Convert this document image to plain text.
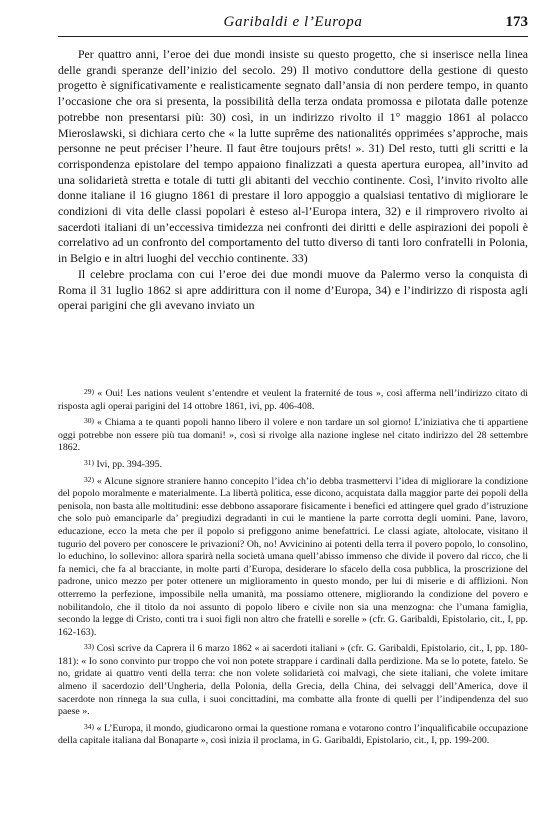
Garibaldi e l’Europa	173

Per quattro anni, l’eroe dei due mondi insiste su questo progetto, che si inserisce nella linea delle grandi speranze dell’inizio del secolo. 29) Il motivo conduttore della gestione di questo progetto è significativamente e realisticamente segnato dall’ansia di non perdere tempo, in quanto l’occasione che ora si presenta, la possibilità della terza ondata promossa e pilotata dalle potenze potrebbe non presentarsi più: 30) così, in un indirizzo rivolto il 1° maggio 1861 al polacco Mieroslawski, si dichiara certo che « la lutte suprême des nationalités opprimées s’approche, mais personne ne peut préciser l’heure. Il faut être toujours prêts! ». 31) Del resto, tutti gli scritti e la corrispondenza epistolare del tempo appaiono finalizzati a questa apertura europea, all’invito ad una solidarietà stretta e totale di tutti gli abitanti del vecchio continente. Così, l’invito rivolto alle donne italiane il 16 giugno 1861 di prestare il loro appoggio a qualsiasi tentativo di migliorare le condizioni di vita delle classi popolari è esteso al-l’Europa intera, 32) e il rimprovero rivolto ai sacerdoti italiani di un’eccessiva timidezza nei confronti dei diritti e delle aspirazioni dei popoli è correlativo ad un confronto del comportamento del tutto diverso di tanti loro confratelli in Polonia, in Belgio e in altri luoghi del vecchio continente. 33)

Il celebre proclama con cui l’eroe dei due mondi muove da Palermo verso la conquista di Roma il 31 luglio 1862 si apre addirittura con il nome d’Europa, 34) e l’indirizzo di risposta agli operai parigini che gli avevano inviato un

$^{29)}$ « Oui! Les nations veulent s’entendre et veulent la fraternité de tous », così afferma nell’indirizzo citato di risposta agli operai parigini del 14 ottobre 1861, ivi, pp. 406-408.

$^{30)}$ « Chiama a te quanti popoli hanno libero il volere e non tardare un sol giorno! L’iniziativa che ti appartiene oggi potrebbe non essere più tua domani! », così si rivolge alla nazione inglese nel citato indirizzo del 28 settembre 1862.

$^{31)}$ Ivi, pp. 394-395.

$^{32)}$ « Alcune signore straniere hanno concepito l’idea ch’io debba trasmettervi l’idea di migliorare la condizione del popolo moralmente e materialmente. La libertà politica, esse dicono, acquistata dalla maggior parte dei popoli della penisola, non basta alle moltitudini: esse debbono assaporare fisicamente i benefici ed attingere quel grado d’istruzione che solo può emanciparle da’ pregiudizi degradanti in cui le mantiene la parte corrotta degli uomini. Pane, lavoro, educazione, ecco la meta che per il popolo si prefiggono anime benefattrici. Le classi agiate, altolocate, visitano il tugurio del povero per conoscere le privazioni? Oh, no! Avvicinino ai potenti della terra il povero popolo, lo consolino, lo educhino, lo sollevino: allora sparirà nella società umana quell’abisso immenso che divide il povero dal ricco, che li fa nemici, che fa al bracciante, in molte parti d’Europa, desiderare lo sfacelo della cosa pubblica, la proscrizione del padrone, unico mezzo per poter ottenere un miglioramento in questo mondo, per lui di miserie e di afflizioni. Non otterremo la perfezione, impossibile nella umanità, ma possiamo ottenere, migliorando la condizione del povero e nobilitandolo, che il titolo da noi assunto di popolo libero e civile non sia una menzogna: che l’umana famiglia, secondo la legge di Cristo, conti tra i suoi figli non altro che fratelli e sorelle » (cfr. G. Garibaldi, Epistolario, cit., I, pp. 162-163).

$^{33)}$ Così scrive da Caprera il 6 marzo 1862 « ai sacerdoti italiani » (cfr. G. Garibaldi, Epistolario, cit., I, pp. 180-181): « Io sono convinto pur troppo che voi non potete strappare i cardinali dalla perdizione. Ma se lo potete, fatelo. Se no, gridate ai quattro venti della terra: che non volete solidarietà coi malvagi, che siete italiani, che volete imitare almeno il sacerdozio dell’Ungheria, della Polonia, della Grecia, della China, dei selvaggi dell’America, dove il sacerdote non rinnega la sua culla, i suoi concittadini, ma combatte alla fronte di quelli per l’indipendenza del suo paese ».

$^{34)}$ « L’Europa, il mondo, giudicarono ormai la questione romana e votarono contro l’inqualificabile occupazione della capitale italiana dal Bonaparte », così inizia il proclama, in G. Garibaldi, Epistolario, cit., I, pp. 199-200.
